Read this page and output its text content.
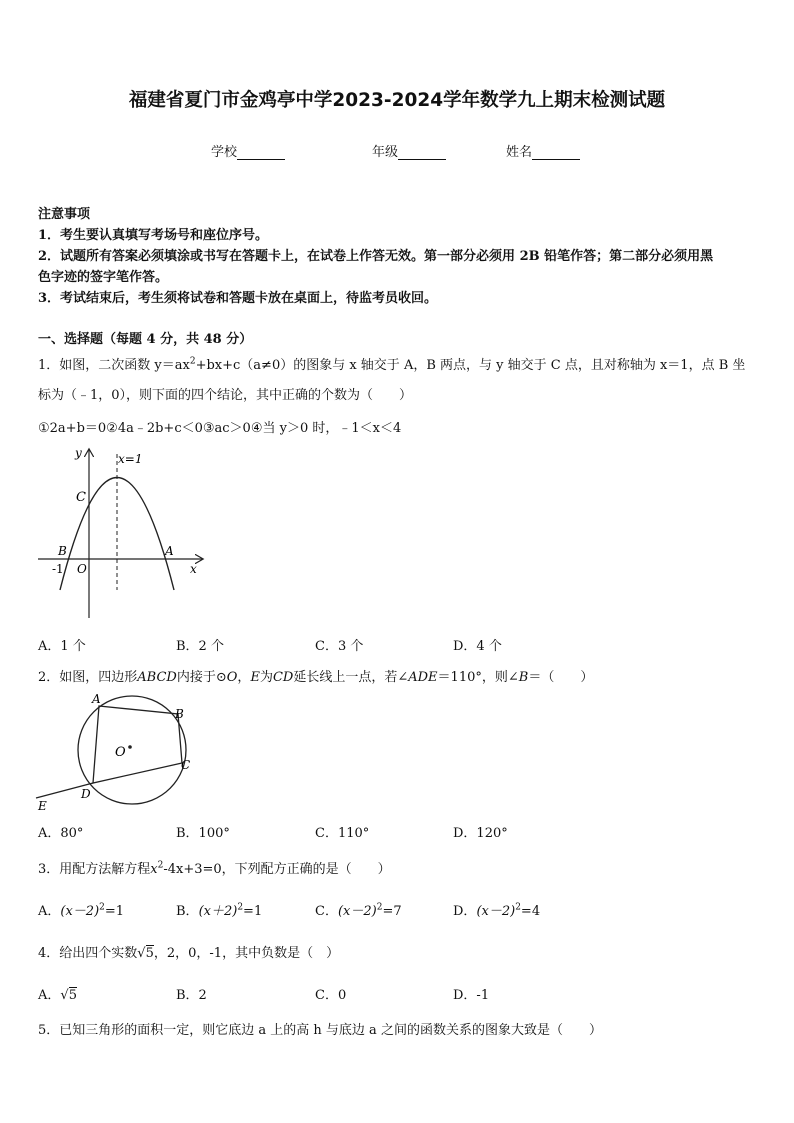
福建省夏门市金鸡亭中学2023-2024学年数学九上期末检测试题
学校	年级	姓名
注意事项
1．考生要认真填写考场号和座位序号。
2．试题所有答案必须填涂或书写在答题卡上，在试卷上作答无效。第一部分必须用 2B 铅笔作答；第二部分必须用黑
色字迹的签字笔作答。
3．考试结束后，考生须将试卷和答题卡放在桌面上，待监考员收回。
一、选择题（每题 4 分，共 48 分）
1．如图，二次函数 $y=ax^2+bx+c(a\ne 0)$的图象与 x 轴交于 A，B 两点，与 y 轴交于 C 点，且对称轴为 x＝1，点 B 坐
标为（﹣1，0），则下面的四个结论，其中正确的个数为（　　）
①2a+b＝0②4a﹣2b+c＜0③ac＞0④当 y＞0 时，﹣1＜x＜4
y
x
x=1
C
B	A
O
-1
A．1 个	B．2 个	C．3 个	D．4 个
2．如图，四边形ABCD内接于⊙O，E为CD延长线上一点，若∠ADE＝110°，则∠B＝（　　）
A
B
C
D
E
O
A．80°	B．100°	C．110°	D．120°
3．用配方法解方程$x^2-4x+3=0$，下列配方正确的是（　　）
A．$(x-2)^2=1$	B．$(x+2)^2=1$	C．$(x-2)^2=7$	D．$(x-2)^2=4$
4．给出四个实数√5，2，0，-1，其中负数是（　）
A．√5	B．2	C．0	D．-1
5．已知三角形的面积一定，则它底边 a 上的高 h 与底边 a 之间的函数关系的图象大致是（　　）
